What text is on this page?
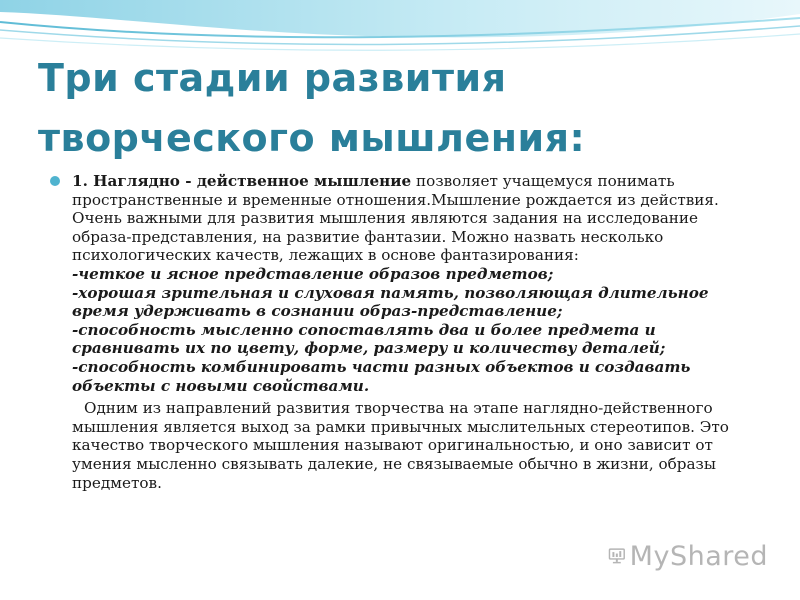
Три стадии развития
творческого мышления:

1. Наглядно - действенное мышление позволяет учащемуся понимать пространственные и временные отношения.Мышление рождается из действия. Очень важными для развития мышления являются задания на исследование образа-представления, на развитие фантазии. Можно назвать несколько психологических качеств, лежащих в основе фантазирования:

-четкое и ясное представление образов предметов;

-хорошая зрительная и слуховая память, позволяющая длительное время удерживать в сознании образ-представление;

-способность мысленно сопоставлять два и более предмета и сравнивать их по цвету, форме, размеру и количеству деталей;

-способность комбинировать части разных объектов и создавать объекты с новыми свойствами.

Одним из направлений развития творчества на этапе наглядно-действенного мышления является выход за рамки привычных мыслительных стереотипов. Это качество творческого мышления называют оригинальностью, и оно зависит от умения мысленно связывать далекие, не связываемые обычно в жизни, образы предметов.

MyShared
